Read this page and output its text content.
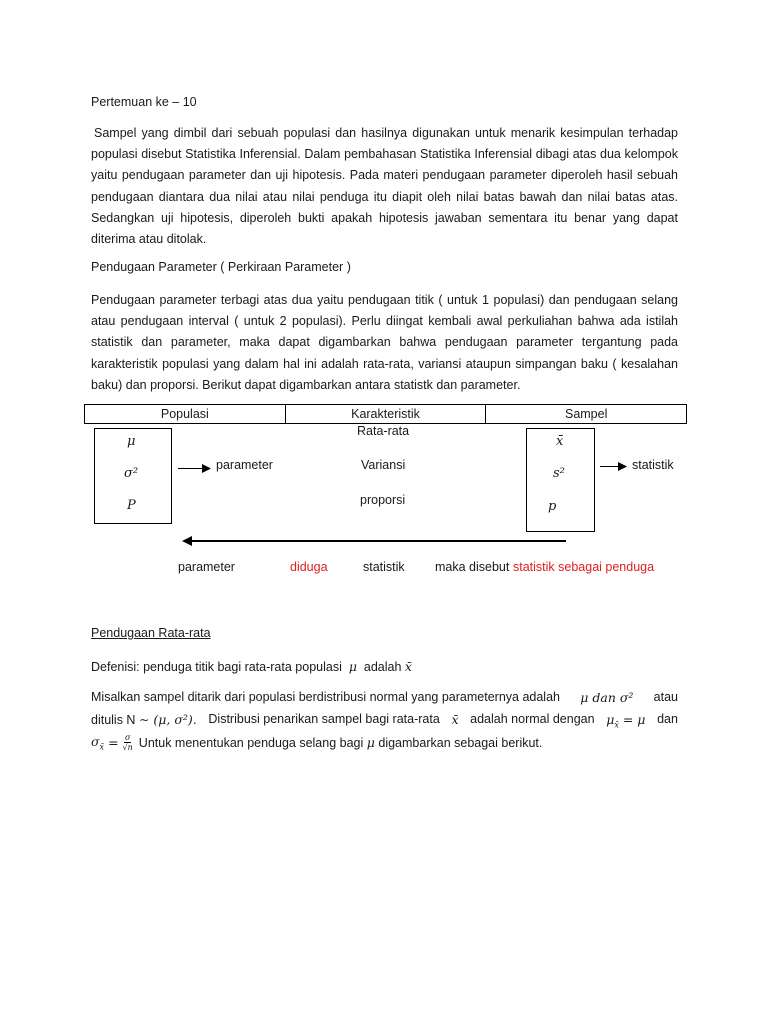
Pertemuan ke – 10
Sampel yang dimbil dari sebuah populasi dan hasilnya digunakan untuk menarik kesimpulan terhadap populasi disebut Statistika Inferensial. Dalam pembahasan Statistika Inferensial dibagi atas dua kelompok yaitu pendugaan parameter dan uji hipotesis. Pada materi pendugaan parameter diperoleh hasil sebuah pendugaan diantara dua nilai atau nilai penduga itu diapit oleh nilai batas bawah dan nilai batas atas. Sedangkan uji hipotesis, diperoleh bukti apakah hipotesis jawaban sementara itu benar yang dapat diterima atau ditolak.
Pendugaan Parameter ( Perkiraan Parameter )
Pendugaan parameter terbagi atas dua yaitu pendugaan titik ( untuk 1 populasi) dan pendugaan selang atau pendugaan interval ( untuk 2 populasi). Perlu diingat kembali awal perkuliahan bahwa ada istilah statistik dan parameter, maka dapat digambarkan bahwa pendugaan parameter tergantung pada karakteristik populasi yang dalam hal ini adalah rata-rata, variansi ataupun simpangan baku ( kesalahan baku) dan proporsi. Berikut dapat digambarkan antara statistk dan parameter.
Populasi	Karakteristik	Sampel
μ
σ²
P
parameter
Rata-rata
Variansi
proporsi
x̄
s²
p
statistik
parameter	diduga	statistik maka disebut statistik sebagai penduga
Pendugaan Rata-rata
Defenisi: penduga titik bagi rata-rata populasi μ adalah x̄
Misalkan sampel ditarik dari populasi berdistribusi normal yang parameternya adalah μ dan σ² atau
ditulis N ∼ (μ, σ²). Distribusi penarikan sampel bagi rata-rata x̄ adalah normal dengan $\mu_{x̄} = \mu$ dan
$\sigma_{x̄} = \frac{\sigma}{√n}$ Untuk menentukan penduga selang bagi
μ
digambarkan sebagai berikut.
